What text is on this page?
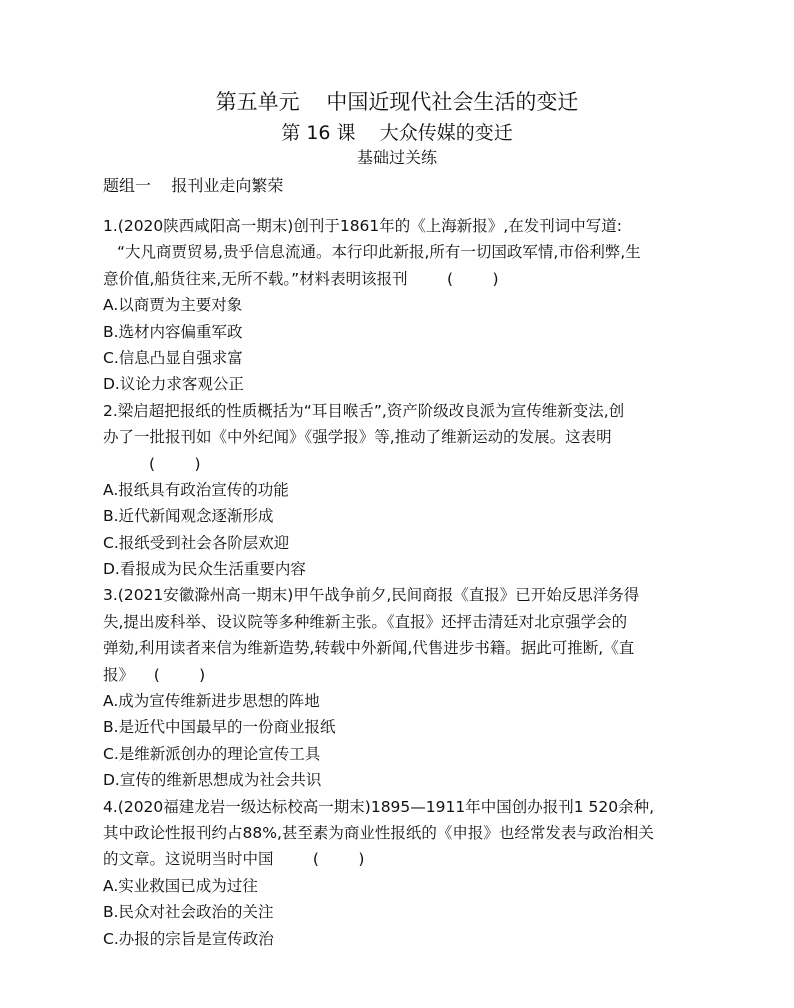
第五单元    中国近现代社会生活的变迁
第 16 课    大众传媒的变迁
基础过关练
题组一    报刊业走向繁荣
1.(2020陕西咸阳高一期末)创刊于1861年的《上海新报》,在发刊词中写道:
“大凡商贾贸易,贵乎信息流通。本行印此新报,所有一切国政军情,市俗利弊,生
意价值,船货往来,无所不载。”材料表明该报刊        (        )
A.以商贾为主要对象
B.选材内容偏重军政
C.信息凸显自强求富
D.议论力求客观公正
2.梁启超把报纸的性质概括为“耳目喉舌”,资产阶级改良派为宣传维新变法,创
办了一批报刊如《中外纪闻》《强学报》等,推动了维新运动的发展。这表明
(        )
A.报纸具有政治宣传的功能
B.近代新闻观念逐渐形成
C.报纸受到社会各阶层欢迎
D.看报成为民众生活重要内容
3.(2021安徽滁州高一期末)甲午战争前夕,民间商报《直报》已开始反思洋务得
失,提出废科举、设议院等多种维新主张。《直报》还抨击清廷对北京强学会的
弹劾,利用读者来信为维新造势,转载中外新闻,代售进步书籍。据此可推断,《直
报》    (        )
A.成为宣传维新进步思想的阵地
B.是近代中国最早的一份商业报纸
C.是维新派创办的理论宣传工具
D.宣传的维新思想成为社会共识
4.(2020福建龙岩一级达标校高一期末)1895—1911年中国创办报刊1 520余种,
其中政论性报刊约占88%,甚至素为商业性报纸的《申报》也经常发表与政治相关
的文章。这说明当时中国        (        )
A.实业救国已成为过往
B.民众对社会政治的关注
C.办报的宗旨是宣传政治
